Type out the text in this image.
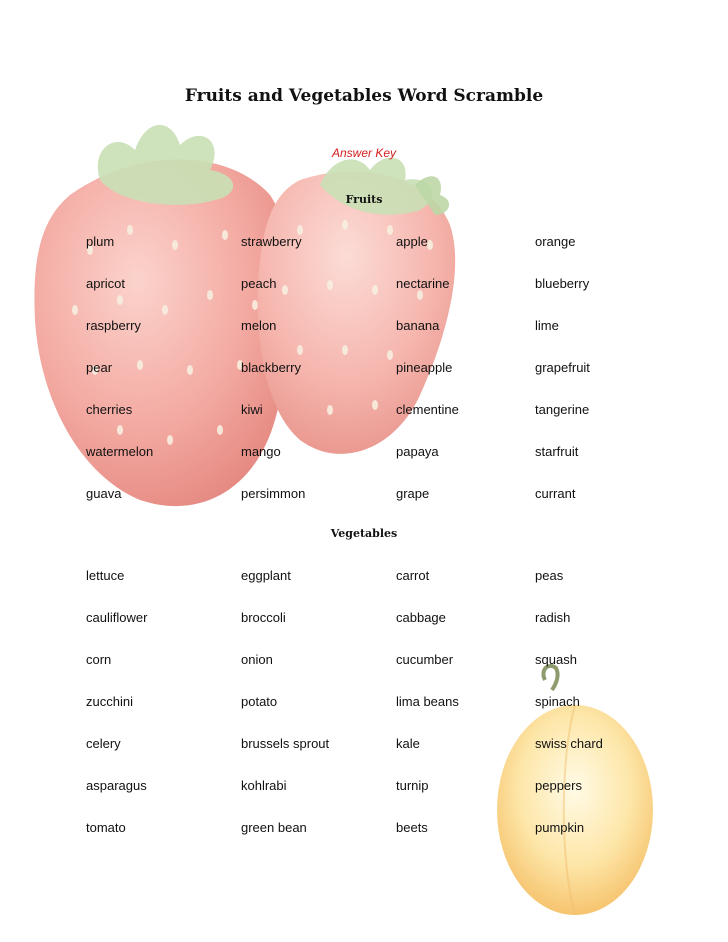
Fruits and Vegetables Word Scramble
Answer Key
Fruits
plum	strawberry	apple	orange
apricot	peach	nectarine	blueberry
raspberry	melon	banana	lime
pear	blackberry	pineapple	grapefruit
cherries	kiwi	clementine	tangerine
watermelon	mango	papaya	starfruit
guava	persimmon	grape	currant
Vegetables
lettuce	eggplant	carrot	peas
cauliflower	broccoli	cabbage	radish
corn	onion	cucumber	squash
zucchini	potato	lima beans	spinach
celery	brussels sprout	kale	swiss chard
asparagus	kohlrabi	turnip	peppers
tomato	green bean	beets	pumpkin
